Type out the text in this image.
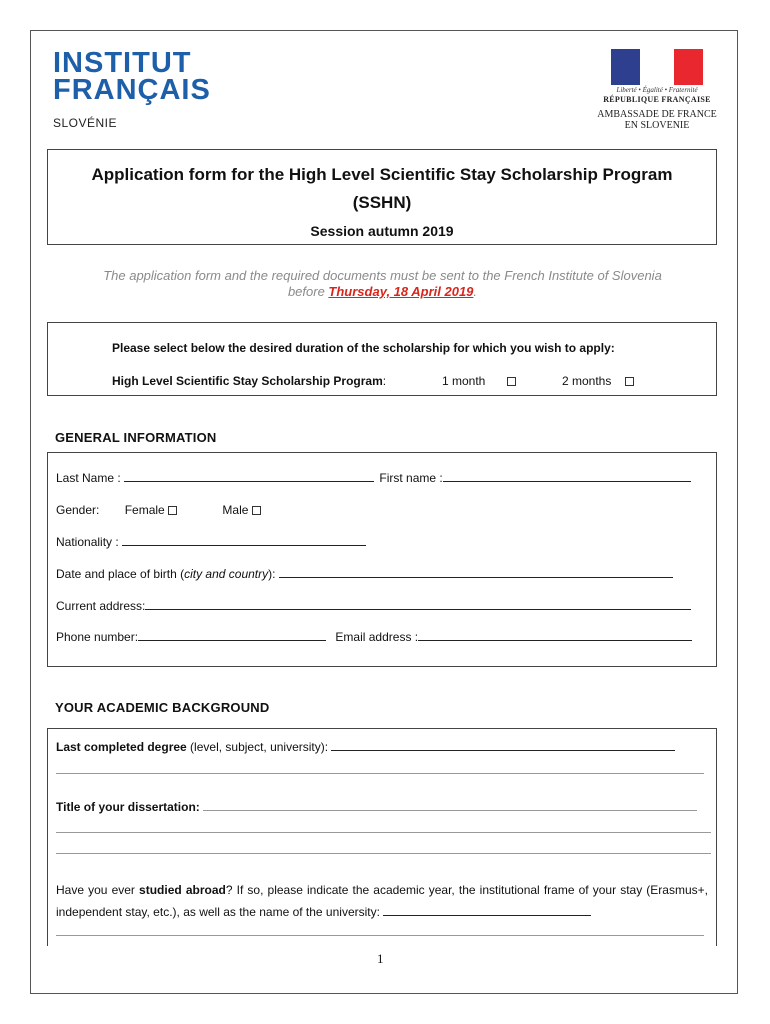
INSTITUT
FRANÇAIS
SLOVÉNIE
Liberté • Égalité • Fraternité
RÉPUBLIQUE FRANÇAISE
AMBASSADE DE FRANCE
EN SLOVENIE
Application form for the High Level Scientific Stay Scholarship Program (SSHN)
Session autumn 2019
The application form and the required documents must be sent to the French Institute of Slovenia before Thursday, 18 April 2019.
Please select below the desired duration of the scholarship for which you wish to apply:
High Level Scientific Stay Scholarship Program:	1 month	2 months
GENERAL INFORMATION
Last Name :	First name :
Gender: Female	Male
Nationality :
Date and place of birth (city and country):
Current address:
Phone number:	Email address :
YOUR ACADEMIC BACKGROUND
Last completed degree (level, subject, university):
Title of your dissertation:
Have you ever studied abroad? If so, please indicate the academic year, the institutional frame of your stay (Erasmus+, independent stay, etc.), as well as the name of the university:
1
